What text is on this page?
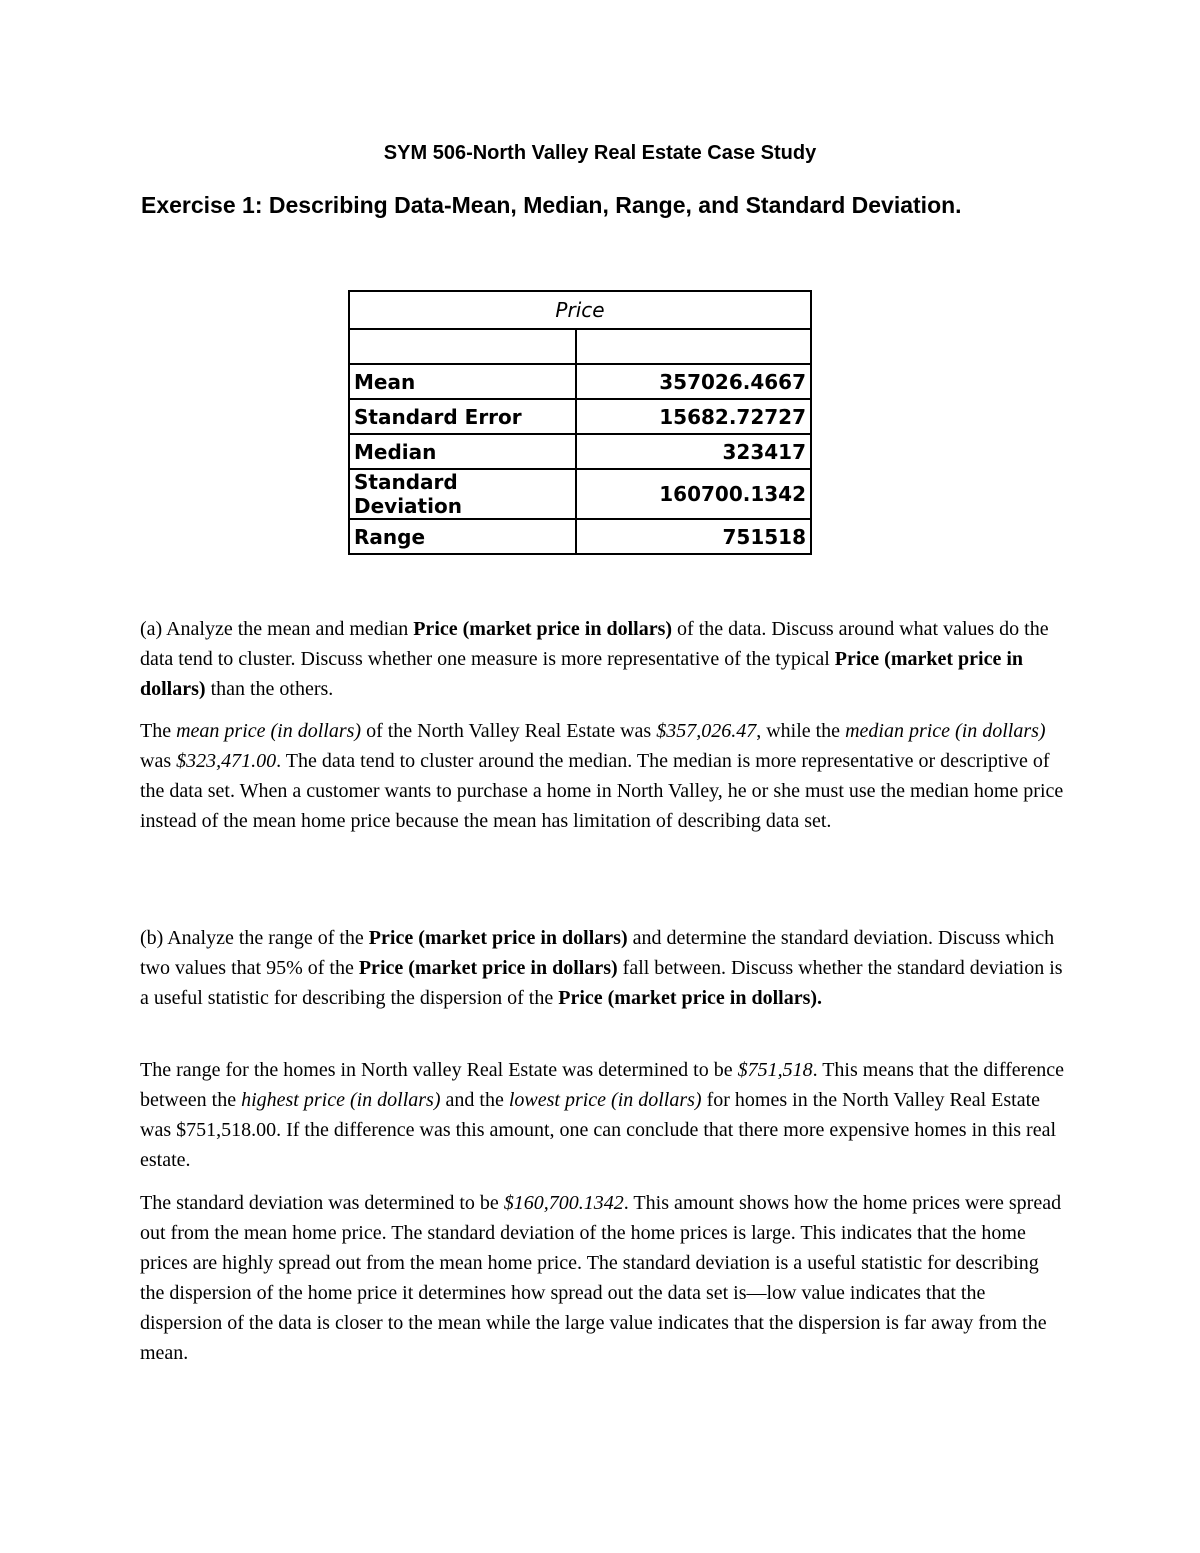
SYM 506-North Valley Real Estate Case Study
Exercise 1: Describing Data-Mean, Median, Range, and Standard Deviation.
Price	

Mean	357026.4667
Standard Error	15682.72727
Median	323417
Standard Deviation	160700.1342
Range	751518

(a) Analyze the mean and median Price (market price in dollars) of the data. Discuss around what values do the data tend to cluster. Discuss whether one measure is more representative of the typical Price (market price in dollars) than the others.

The mean price (in dollars) of the North Valley Real Estate was $357,026.47, while the median price (in dollars) was $323,471.00. The data tend to cluster around the median. The median is more representative or descriptive of the data set. When a customer wants to purchase a home in North Valley, he or she must use the median home price instead of the mean home price because the mean has limitation of describing data set.

(b) Analyze the range of the Price (market price in dollars) and determine the standard deviation. Discuss which two values that 95% of the Price (market price in dollars) fall between. Discuss whether the standard deviation is a useful statistic for describing the dispersion of the Price (market price in dollars).

The range for the homes in North valley Real Estate was determined to be $751,518. This means that the difference between the highest price (in dollars) and the lowest price (in dollars) for homes in the North Valley Real Estate was $751,518.00. If the difference was this amount, one can conclude that there more expensive homes in this real estate.

The standard deviation was determined to be $160,700.1342. This amount shows how the home prices were spread out from the mean home price. The standard deviation of the home prices is large. This indicates that the home prices are highly spread out from the mean home price. The standard deviation is a useful statistic for describing the dispersion of the home price it determines how spread out the data set is—low value indicates that the dispersion of the data is closer to the mean while the large value indicates that the dispersion is far away from the mean.
